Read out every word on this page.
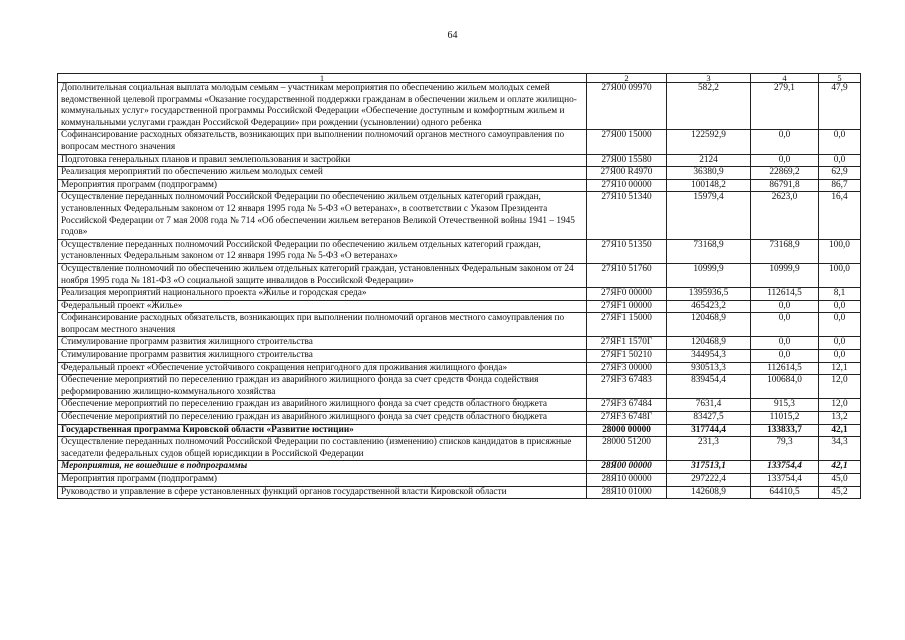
64
1	2	3	4	5
Дополнительная социальная выплата молодым семьям – участникам мероприятия по обеспечению жильем молодых семей ведомственной целевой программы «Оказание государственной поддержки гражданам в обеспечении жильем и оплате жилищно-коммунальных услуг» государственной программы Российской Федерации «Обеспечение доступным и комфортным жильем и коммунальными услугами граждан Российской Федерации» при рождении (усыновлении) одного ребенка	27Я00 09970	582,2	279,1	47,9
Софинансирование расходных обязательств, возникающих при выполнении полномочий органов местного самоуправления по вопросам местного значения	27Я00 15000	122592,9	0,0	0,0
Подготовка генеральных планов и правил землепользования и застройки	27Я00 15580	2124	0,0	0,0
Реализация мероприятий по обеспечению жильем молодых семей	27Я00 R4970	36380,9	22869,2	62,9
Мероприятия программ (подпрограмм)	27Я10 00000	100148,2	86791,8	86,7
Осуществление переданных полномочий Российской Федерации по обеспечению жильем отдельных категорий граждан, установленных Федеральным законом от 12 января 1995 года № 5-ФЗ «О ветеранах», в соответствии с Указом Президента Российской Федерации от 7 мая 2008 года № 714 «Об обеспечении жильем ветеранов Великой Отечественной войны 1941 – 1945 годов»	27Я10 51340	15979,4	2623,0	16,4
Осуществление переданных полномочий Российской Федерации по обеспечению жильем отдельных категорий граждан, установленных Федеральным законом от 12 января 1995 года № 5-ФЗ «О ветеранах»	27Я10 51350	73168,9	73168,9	100,0
Осуществление полномочий по обеспечению жильем отдельных категорий граждан, установленных Федеральным законом от 24 ноября 1995 года № 181-ФЗ «О социальной защите инвалидов в Российской Федерации»	27Я10 51760	10999,9	10999,9	100,0
Реализация мероприятий национального проекта «Жилье и городская среда»	27ЯF0 00000	1395936,5	112614,5	8,1
Федеральный проект «Жилье»	27ЯF1 00000	465423,2	0,0	0,0
Софинансирование расходных обязательств, возникающих при выполнении полномочий органов местного самоуправления по вопросам местного значения	27ЯF1 15000	120468,9	0,0	0,0
Стимулирование программ развития жилищного строительства	27ЯF1 1570Г	120468,9	0,0	0,0
Стимулирование программ развития жилищного строительства	27ЯF1 50210	344954,3	0,0	0,0
Федеральный проект «Обеспечение устойчивого сокращения непригодного для проживания жилищного фонда»	27ЯF3 00000	930513,3	112614,5	12,1
Обеспечение мероприятий по переселению граждан из аварийного жилищного фонда за счет средств Фонда содействия реформированию жилищно-коммунального хозяйства	27ЯF3 67483	839454,4	100684,0	12,0
Обеспечение мероприятий по переселению граждан из аварийного жилищного фонда за счет средств областного бюджета	27ЯF3 67484	7631,4	915,3	12,0
Обеспечение мероприятий по переселению граждан из аварийного жилищного фонда за счет средств областного бюджета	27ЯF3 6748Г	83427,5	11015,2	13,2
Государственная программа Кировской области «Развитие юстиции»	28000 00000	317744,4	133833,7	42,1
Осуществление переданных полномочий Российской Федерации по составлению (изменению) списков кандидатов в присяжные заседатели федеральных судов общей юрисдикции в Российской Федерации	28000 51200	231,3	79,3	34,3
Мероприятия, не вошедшие в подпрограммы	28Я00 00000	317513,1	133754,4	42,1
Мероприятия программ (подпрограмм)	28Я10 00000	297222,4	133754,4	45,0
Руководство и управление в сфере установленных функций органов государственной власти Кировской области	28Я10 01000	142608,9	64410,5	45,2
